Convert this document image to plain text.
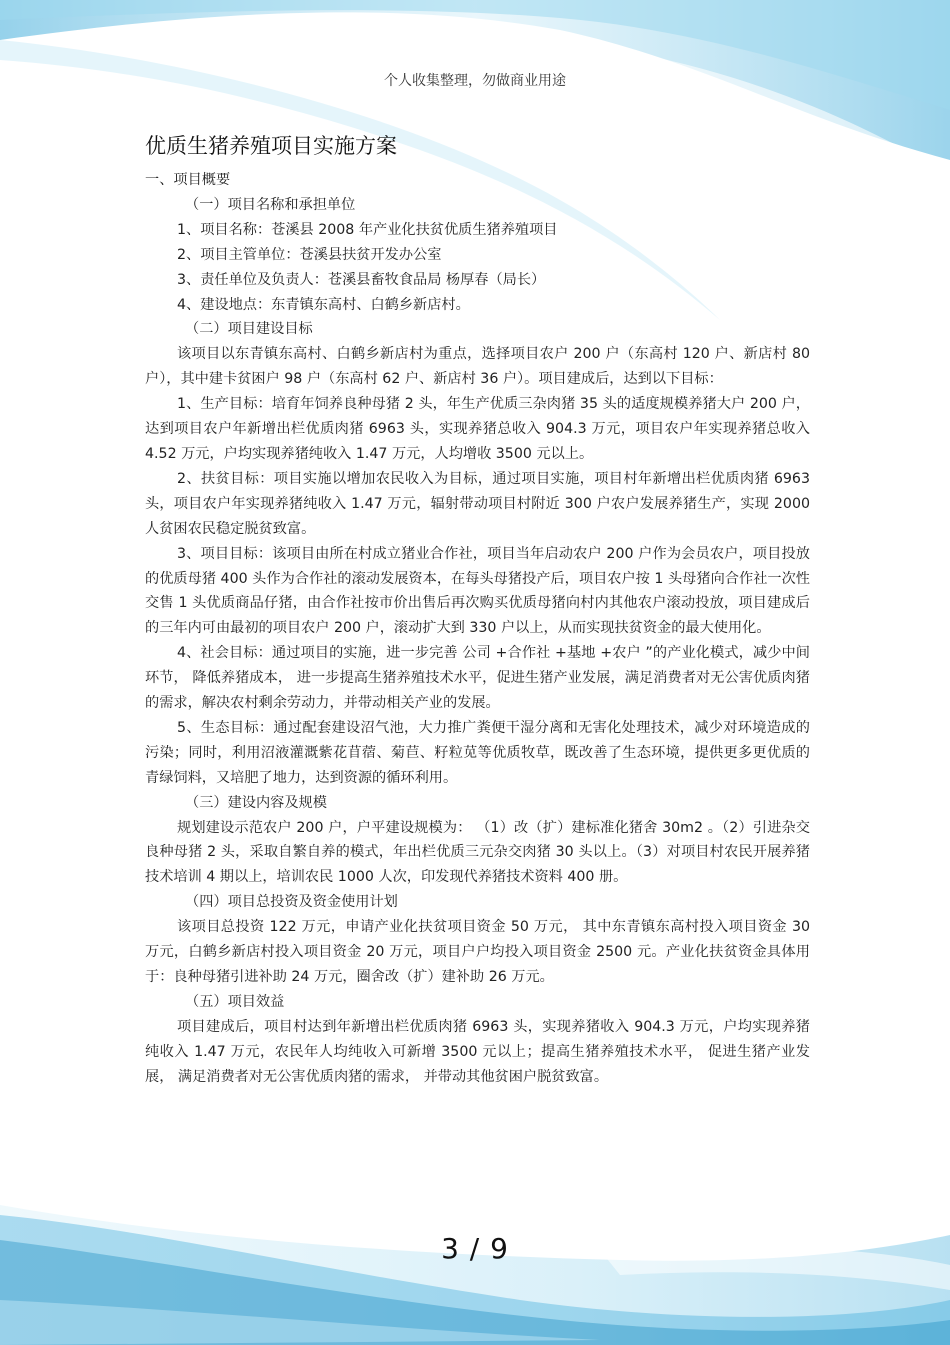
个人收集整理，勿做商业用途
优质生猪养殖项目实施方案

一、项目概要

（一）项目名称和承担单位

1、项目名称：苍溪县 2008 年产业化扶贫优质生猪养殖项目

2、项目主管单位：苍溪县扶贫开发办公室

3、责任单位及负责人：苍溪县畜牧食品局 杨厚春（局长）

4、建设地点：东青镇东高村、白鹤乡新店村。

（二）项目建设目标

该项目以东青镇东高村、白鹤乡新店村为重点，选择项目农户 200 户（东高村 120 户、新店村 80 户），其中建卡贫困户 98 户（东高村 62 户、新店村 36 户）。项目建成后，达到以下目标：

1、生产目标：培育年饲养良种母猪 2 头，年生产优质三杂肉猪 35 头的适度规模养猪大户 200 户，达到项目农户年新增出栏优质肉猪 6963 头，实现养猪总收入 904.3 万元，项目农户年实现养猪总收入 4.52 万元，户均实现养猪纯收入 1.47 万元，人均增收 3500 元以上。

2、扶贫目标：项目实施以增加农民收入为目标，通过项目实施，项目村年新增出栏优质肉猪 6963 头，项目农户年实现养猪纯收入 1.47 万元，辐射带动项目村附近 300 户农户发展养猪生产，实现 2000 人贫困农民稳定脱贫致富。

3、项目目标：该项目由所在村成立猪业合作社，项目当年启动农户 200 户作为会员农户，项目投放的优质母猪 400 头作为合作社的滚动发展资本，在每头母猪投产后，项目农户按 1 头母猪向合作社一次性交售 1 头优质商品仔猪，由合作社按市价出售后再次购买优质母猪向村内其他农户滚动投放，项目建成后的三年内可由最初的项目农户 200 户，滚动扩大到 330 户以上，从而实现扶贫资金的最大使用化。

4、社会目标：通过项目的实施，进一步完善 公司 +合作社 +基地 +农户 ”的产业化模式，减少中间环节， 降低养猪成本， 进一步提高生猪养殖技术水平，促进生猪产业发展，满足消费者对无公害优质肉猪的需求，解决农村剩余劳动力，并带动相关产业的发展。

5、生态目标：通过配套建设沼气池，大力推广粪便干湿分离和无害化处理技术，减少对环境造成的污染；同时，利用沼液灌溉紫花苜蓿、菊苣、籽粒苋等优质牧草，既改善了生态环境，提供更多更优质的青绿饲料，又培肥了地力，达到资源的循环利用。

（三）建设内容及规模

规划建设示范农户 200 户，户平建设规模为： （1）改（扩）建标准化猪舍 30m2 。（2）引进杂交良种母猪 2 头，采取自繁自养的模式，年出栏优质三元杂交肉猪 30 头以上。（3）对项目村农民开展养猪技术培训 4 期以上，培训农民 1000 人次，印发现代养猪技术资料 400 册。

（四）项目总投资及资金使用计划

该项目总投资 122 万元，申请产业化扶贫项目资金 50 万元， 其中东青镇东高村投入项目资金 30 万元，白鹤乡新店村投入项目资金 20 万元，项目户户均投入项目资金 2500 元。产业化扶贫资金具体用于：良种母猪引进补助 24 万元，圈舍改（扩）建补助 26 万元。

（五）项目效益

项目建成后，项目村达到年新增出栏优质肉猪 6963 头，实现养猪收入 904.3 万元，户均实现养猪纯收入 1.47 万元，农民年人均纯收入可新增 3500 元以上；提高生猪养殖技术水平， 促进生猪产业发展， 满足消费者对无公害优质肉猪的需求， 并带动其他贫困户脱贫致富。

3 / 9
